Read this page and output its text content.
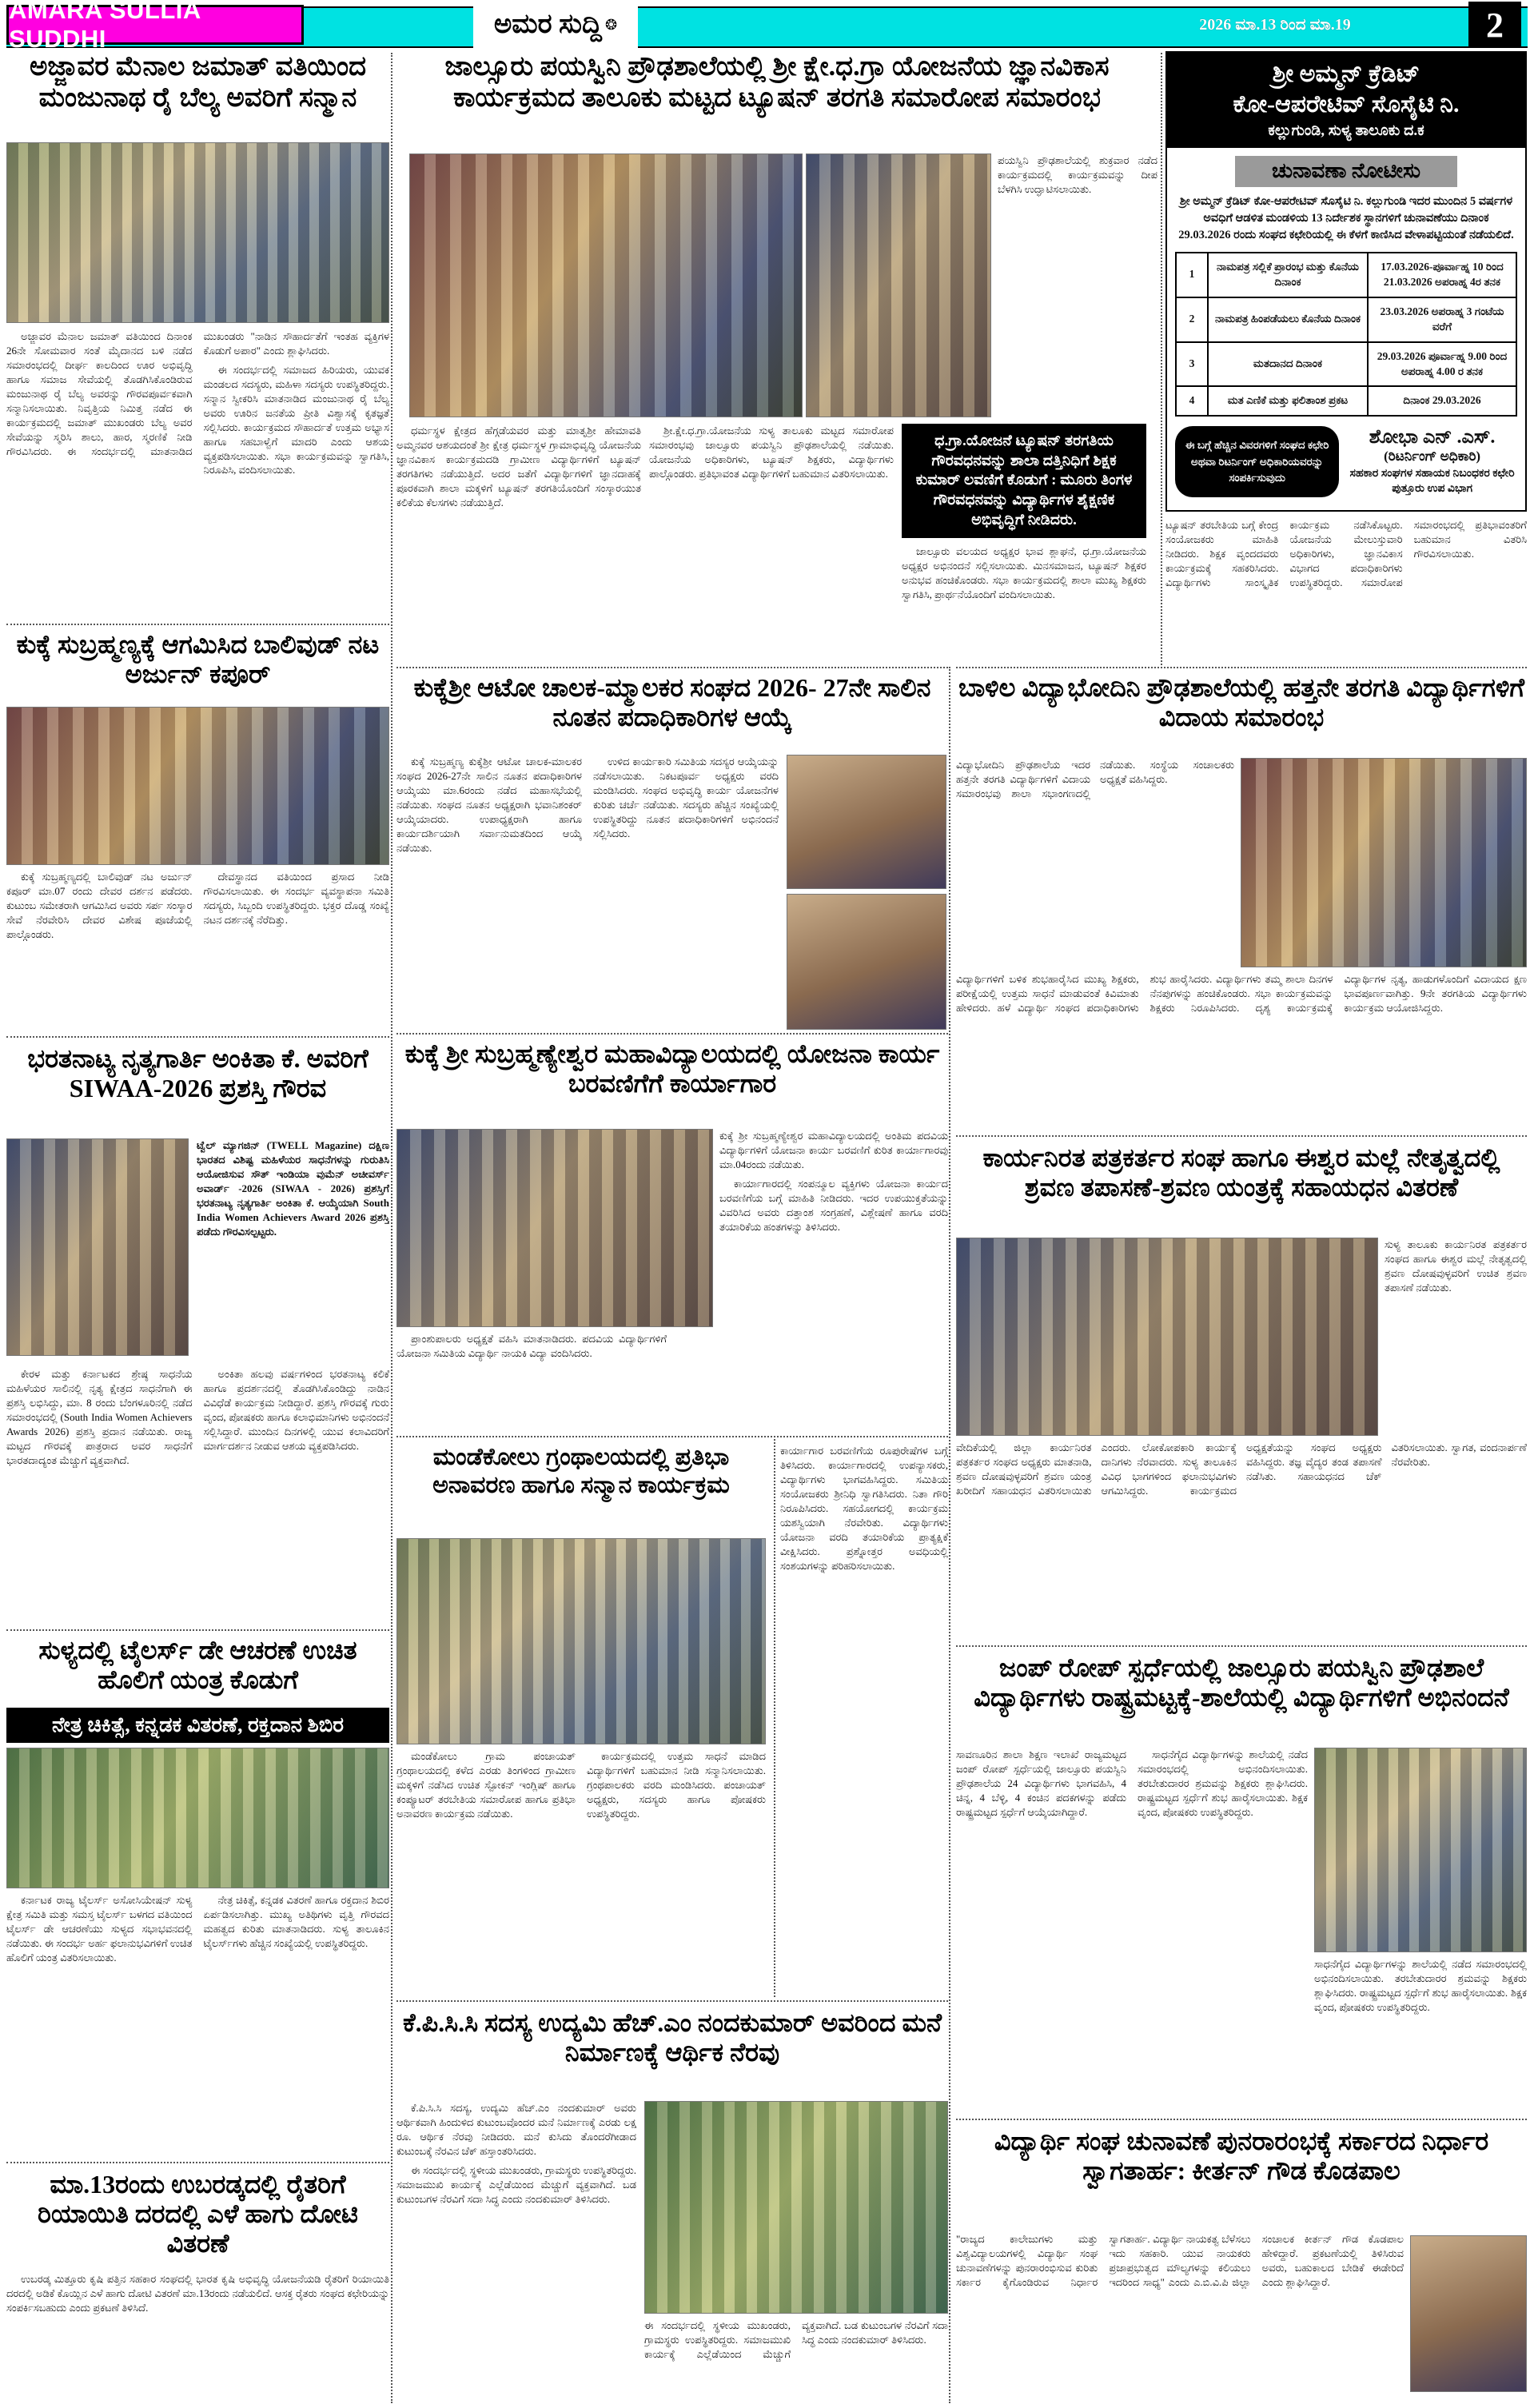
AMARA SULLIA SUDDHI	ಅಮರ ಸುದ್ದಿ ❂	2026 ಮಾ.13 ರಿಂದ ಮಾ.19	2
ಅಜ್ಜಾವರ ಮೆನಾಲ ಜಮಾತ್ ವತಿಯಿಂದ ಮಂಜುನಾಥ ರೈ ಬೆಲ್ಯ ಅವರಿಗೆ ಸನ್ಮಾನ

ಅಜ್ಜಾವರ ಮೆನಾಲ ಜಮಾತ್ ವತಿಯಿಂದ ದಿನಾಂಕ 26ನೇ ಸೋಮವಾರ ಸಂತೆ ಮೈದಾನದ ಬಳಿ ನಡೆದ ಸಮಾರಂಭದಲ್ಲಿ ದೀರ್ಘ ಕಾಲದಿಂದ ಊರ ಅಭಿವೃದ್ಧಿ ಹಾಗೂ ಸಮಾಜ ಸೇವೆಯಲ್ಲಿ ತೊಡಗಿಸಿಕೊಂಡಿರುವ ಮಂಜುನಾಥ ರೈ ಬೆಲ್ಯ ಅವರನ್ನು ಗೌರವಪೂರ್ವಕವಾಗಿ ಸನ್ಮಾನಿಸಲಾಯಿತು. ನಿವೃತ್ತಿಯ ನಿಮಿತ್ತ ನಡೆದ ಈ ಕಾರ್ಯಕ್ರಮದಲ್ಲಿ ಜಮಾತ್ ಮುಖಂಡರು ಬೆಲ್ಯ ಅವರ ಸೇವೆಯನ್ನು ಸ್ಮರಿಸಿ ಶಾಲು, ಹಾರ, ಸ್ಮರಣಿಕೆ ನೀಡಿ ಗೌರವಿಸಿದರು. ಈ ಸಂದರ್ಭದಲ್ಲಿ ಮಾತನಾಡಿದ ಮುಖಂಡರು "ನಾಡಿನ ಸೌಹಾರ್ದತೆಗೆ ಇಂತಹ ವ್ಯಕ್ತಿಗಳ ಕೊಡುಗೆ ಅಪಾರ" ಎಂದು ಶ್ಲಾಘಿಸಿದರು.

ಈ ಸಂದರ್ಭದಲ್ಲಿ ಸಮಾಜದ ಹಿರಿಯರು, ಯುವಕ ಮಂಡಲದ ಸದಸ್ಯರು, ಮಹಿಳಾ ಸದಸ್ಯರು ಉಪಸ್ಥಿತರಿದ್ದರು. ಸನ್ಮಾನ ಸ್ವೀಕರಿಸಿ ಮಾತನಾಡಿದ ಮಂಜುನಾಥ ರೈ ಬೆಲ್ಯ ಅವರು ಊರಿನ ಜನತೆಯ ಪ್ರೀತಿ ವಿಶ್ವಾಸಕ್ಕೆ ಕೃತಜ್ಞತೆ ಸಲ್ಲಿಸಿದರು. ಕಾರ್ಯಕ್ರಮದ ಸೌಹಾರ್ದತೆ ಉತ್ತಮ ಅಭ್ಯಾಸ ಹಾಗೂ ಸಹಬಾಳ್ವೆಗೆ ಮಾದರಿ ಎಂದು ಆಶಯ ವ್ಯಕ್ತಪಡಿಸಲಾಯಿತು. ಸಭಾ ಕಾರ್ಯಕ್ರಮವನ್ನು ಸ್ವಾಗತಿಸಿ, ನಿರೂಪಿಸಿ, ವಂದಿಸಲಾಯಿತು.

ಕುಕ್ಕೆ ಸುಬ್ರಹ್ಮಣ್ಯಕ್ಕೆ ಆಗಮಿಸಿದ ಬಾಲಿವುಡ್ ನಟ ಅರ್ಜುನ್ ಕಪೂರ್

ಕುಕ್ಕೆ ಸುಬ್ರಹ್ಮಣ್ಯದಲ್ಲಿ ಬಾಲಿವುಡ್ ನಟ ಅರ್ಜುನ್ ಕಪೂರ್ ಮಾ.07 ರಂದು ದೇವರ ದರ್ಶನ ಪಡೆದರು. ಕುಟುಂಬ ಸಮೇತರಾಗಿ ಆಗಮಿಸಿದ ಅವರು ಸರ್ಪ ಸಂಸ್ಕಾರ ಸೇವೆ ನೆರವೇರಿಸಿ ದೇವರ ವಿಶೇಷ ಪೂಜೆಯಲ್ಲಿ ಪಾಲ್ಗೊಂಡರು.

ದೇವಸ್ಥಾನದ ವತಿಯಿಂದ ಪ್ರಸಾದ ನೀಡಿ ಗೌರವಿಸಲಾಯಿತು. ಈ ಸಂದರ್ಭ ವ್ಯವಸ್ಥಾಪನಾ ಸಮಿತಿ ಸದಸ್ಯರು, ಸಿಬ್ಬಂದಿ ಉಪಸ್ಥಿತರಿದ್ದರು. ಭಕ್ತರ ದೊಡ್ಡ ಸಂಖ್ಯೆ ನಟನ ದರ್ಶನಕ್ಕೆ ನೆರೆದಿತ್ತು.

ಭರತನಾಟ್ಯ ನೃತ್ಯಗಾರ್ತಿ ಅಂಕಿತಾ ಕೆ. ಅವರಿಗೆ SIWAA-2026 ಪ್ರಶಸ್ತಿ ಗೌರವ

ಟ್ವೆಲ್ ಮ್ಯಾಗಜಿನ್ (TWELL Magazine) ದಕ್ಷಿಣ ಭಾರತದ ವಿಶಿಷ್ಟ ಮಹಿಳೆಯರ ಸಾಧನೆಗಳನ್ನು ಗುರುತಿಸಿ ಆಯೋಜಿಸುವ ಸೌತ್ ಇಂಡಿಯಾ ವುಮೆನ್ ಅಚೀವರ್ಸ್ ಅವಾರ್ಡ್ -2026 (SIWAA - 2026) ಪ್ರಶಸ್ತಿಗೆ ಭರತನಾಟ್ಯ ನೃತ್ಯಗಾರ್ತಿ ಅಂಕಿತಾ ಕೆ. ಆಯ್ಕೆಯಾಗಿ South India Women Achievers Award 2026 ಪ್ರಶಸ್ತಿ ಪಡೆದು ಗೌರವಿಸಲ್ಪಟ್ಟರು.

ಕೇರಳ ಮತ್ತು ಕರ್ನಾಟಕದ ಶ್ರೇಷ್ಠ ಸಾಧನೆಯ ಮಹಿಳೆಯರ ಸಾಲಿನಲ್ಲಿ ನೃತ್ಯ ಕ್ಷೇತ್ರದ ಸಾಧನೆಗಾಗಿ ಈ ಪ್ರಶಸ್ತಿ ಲಭಿಸಿದ್ದು, ಮಾ. 8 ರಂದು ಬೆಂಗಳೂರಿನಲ್ಲಿ ನಡೆದ ಸಮಾರಂಭದಲ್ಲಿ (South India Women Achievers Awards 2026) ಪ್ರಶಸ್ತಿ ಪ್ರದಾನ ನಡೆಯಿತು. ರಾಜ್ಯ ಮಟ್ಟದ ಗೌರವಕ್ಕೆ ಪಾತ್ರರಾದ ಅವರ ಸಾಧನೆಗೆ ಭಾರತದಾದ್ಯಂತ ಮೆಚ್ಚುಗೆ ವ್ಯಕ್ತವಾಗಿದೆ.

ಅಂಕಿತಾ ಹಲವು ವರ್ಷಗಳಿಂದ ಭರತನಾಟ್ಯ ಕಲಿಕೆ ಹಾಗೂ ಪ್ರದರ್ಶನದಲ್ಲಿ ತೊಡಗಿಸಿಕೊಂಡಿದ್ದು ನಾಡಿನ ವಿವಿಧೆಡೆ ಕಾರ್ಯಕ್ರಮ ನೀಡಿದ್ದಾರೆ. ಪ್ರಶಸ್ತಿ ಗೌರವಕ್ಕೆ ಗುರು ವೃಂದ, ಪೋಷಕರು ಹಾಗೂ ಕಲಾಭಿಮಾನಿಗಳು ಅಭಿನಂದನೆ ಸಲ್ಲಿಸಿದ್ದಾರೆ. ಮುಂದಿನ ದಿನಗಳಲ್ಲಿ ಯುವ ಕಲಾವಿದರಿಗೆ ಮಾರ್ಗದರ್ಶನ ನೀಡುವ ಆಶಯ ವ್ಯಕ್ತಪಡಿಸಿದರು.

ಸುಳ್ಯದಲ್ಲಿ ಟೈಲರ್ಸ್ ಡೇ ಆಚರಣೆ ಉಚಿತ ಹೊಲಿಗೆ ಯಂತ್ರ ಕೊಡುಗೆ
ನೇತ್ರ ಚಿಕಿತ್ಸೆ, ಕನ್ನಡಕ ವಿತರಣೆ, ರಕ್ತದಾನ ಶಿಬಿರ

ಕರ್ನಾಟಕ ರಾಜ್ಯ ಟೈಲರ್ಸ್ ಅಸೋಸಿಯೇಷನ್ ಸುಳ್ಯ ಕ್ಷೇತ್ರ ಸಮಿತಿ ಮತ್ತು ಸಮಸ್ತ ಟೈಲರ್ಸ್ ಬಳಗದ ವತಿಯಿಂದ ಟೈಲರ್ಸ್ ಡೇ ಆಚರಣೆಯು ಸುಳ್ಯದ ಸಭಾಭವನದಲ್ಲಿ ನಡೆಯಿತು. ಈ ಸಂದರ್ಭ ಅರ್ಹ ಫಲಾನುಭವಿಗಳಿಗೆ ಉಚಿತ ಹೊಲಿಗೆ ಯಂತ್ರ ವಿತರಿಸಲಾಯಿತು.

ನೇತ್ರ ಚಿಕಿತ್ಸೆ, ಕನ್ನಡಕ ವಿತರಣೆ ಹಾಗೂ ರಕ್ತದಾನ ಶಿಬಿರ ಏರ್ಪಡಿಸಲಾಗಿತ್ತು. ಮುಖ್ಯ ಅತಿಥಿಗಳು ವೃತ್ತಿ ಗೌರವದ ಮಹತ್ವದ ಕುರಿತು ಮಾತನಾಡಿದರು. ಸುಳ್ಯ ತಾಲೂಕಿನ ಟೈಲರ್ಸ್‌ಗಳು ಹೆಚ್ಚಿನ ಸಂಖ್ಯೆಯಲ್ಲಿ ಉಪಸ್ಥಿತರಿದ್ದರು.

ಮಾ.13ರಂದು ಉಬರಡ್ಕದಲ್ಲಿ ರೈತರಿಗೆ ರಿಯಾಯಿತಿ ದರದಲ್ಲಿ ಎಳೆ ಹಾಗು ದೋಟಿ ವಿತರಣೆ

ಉಬರಡ್ಕ ಮಿತ್ತೂರು ಕೃಷಿ ಪತ್ತಿನ ಸಹಕಾರ ಸಂಘದಲ್ಲಿ ಭಾರತ ಕೃಷಿ ಅಭಿವೃದ್ಧಿ ಯೋಜನೆಯಡಿ ರೈತರಿಗೆ ರಿಯಾಯಿತಿ ದರದಲ್ಲಿ ಅಡಿಕೆ ಕೊಯ್ಲಿನ ಎಳೆ ಹಾಗು ದೋಟಿ ವಿತರಣೆ ಮಾ.13ರಂದು ನಡೆಯಲಿದೆ. ಆಸಕ್ತ ರೈತರು ಸಂಘದ ಕಛೇರಿಯನ್ನು ಸಂಪರ್ಕಿಸಬಹುದು ಎಂದು ಪ್ರಕಟಣೆ ತಿಳಿಸಿದೆ.

ಜಾಲ್ಸೂರು ಪಯಸ್ವಿನಿ ಪ್ರೌಢಶಾಲೆಯಲ್ಲಿ ಶ್ರೀ ಕ್ಷೇ.ಧ.ಗ್ರಾ ಯೋಜನೆಯ ಜ್ಞಾನವಿಕಾಸ ಕಾರ್ಯಕ್ರಮದ ತಾಲೂಕು ಮಟ್ಟದ ಟ್ಯೂಷನ್ ತರಗತಿ ಸಮಾರೋಪ ಸಮಾರಂಭ

ಪಯಸ್ವಿನಿ ಪ್ರೌಢಶಾಲೆಯಲ್ಲಿ ಶುಕ್ರವಾರ ನಡೆದ ಕಾರ್ಯಕ್ರಮದಲ್ಲಿ ಕಾರ್ಯಕ್ರಮವನ್ನು ದೀಪ ಬೆಳಗಿಸಿ ಉದ್ಘಾಟಿಸಲಾಯಿತು.

ಧರ್ಮಸ್ಥಳ ಕ್ಷೇತ್ರದ ಹೆಗ್ಗಡೆಯವರ ಮತ್ತು ಮಾತೃಶ್ರೀ ಹೇಮಾವತಿ ಅಮ್ಮನವರ ಆಶಯದಂತೆ ಶ್ರೀ ಕ್ಷೇತ್ರ ಧರ್ಮಸ್ಥಳ ಗ್ರಾಮಾಭಿವೃದ್ಧಿ ಯೋಜನೆಯ ಜ್ಞಾನವಿಕಾಸ ಕಾರ್ಯಕ್ರಮದಡಿ ಗ್ರಾಮೀಣ ವಿದ್ಯಾರ್ಥಿಗಳಿಗೆ ಟ್ಯೂಷನ್ ತರಗತಿಗಳು ನಡೆಯುತ್ತಿದೆ. ಅದರ ಜತೆಗೆ ವಿದ್ಯಾರ್ಥಿಗಳಿಗೆ ಜ್ಞಾನದಾಹಕ್ಕೆ ಪೂರಕವಾಗಿ ಶಾಲಾ ಮಕ್ಕಳಿಗೆ ಟ್ಯೂಷನ್ ತರಗತಿಯೊಂದಿಗೆ ಸಂಸ್ಕಾರಯುತ ಕಲಿಕೆಯ ಕೆಲಸಗಳು ನಡೆಯುತ್ತಿದೆ.

ಶ್ರೀ.ಕ್ಷೇ.ಧ.ಗ್ರಾ.ಯೋಜನೆಯ ಸುಳ್ಯ ತಾಲೂಕು ಮಟ್ಟದ ಸಮಾರೋಪ ಸಮಾರಂಭವು ಜಾಲ್ಸೂರು ಪಯಸ್ವಿನಿ ಪ್ರೌಢಶಾಲೆಯಲ್ಲಿ ನಡೆಯಿತು. ಯೋಜನೆಯ ಅಧಿಕಾರಿಗಳು, ಟ್ಯೂಷನ್ ಶಿಕ್ಷಕರು, ವಿದ್ಯಾರ್ಥಿಗಳು ಪಾಲ್ಗೊಂಡರು. ಪ್ರತಿಭಾವಂತ ವಿದ್ಯಾರ್ಥಿಗಳಿಗೆ ಬಹುಮಾನ ವಿತರಿಸಲಾಯಿತು.

ಧ.ಗ್ರಾ.ಯೋಜನೆ ಟ್ಯೂಷನ್ ತರಗತಿಯ ಗೌರವಧನವನ್ನು ಶಾಲಾ ದತ್ತಿನಿಧಿಗೆ ಶಿಕ್ಷಕ ಕುಮಾರ್ ಲವಣಿಗೆ ಕೊಡುಗೆ : ಮೂರು ತಿಂಗಳ ಗೌರವಧನವನ್ನು ವಿದ್ಯಾರ್ಥಿಗಳ ಶೈಕ್ಷಣಿಕ ಅಭಿವೃದ್ಧಿಗೆ ನೀಡಿದರು.

ಜಾಲ್ಸೂರು ವಲಯದ ಅಧ್ಯಕ್ಷರ ಭಾವ ಶ್ಲಾಘನೆ, ಧ.ಗ್ರಾ.ಯೋಜನೆಯ ಅಧ್ಯಕ್ಷರ ಅಭಿನಂದನೆ ಸಲ್ಲಿಸಲಾಯಿತು. ಮಿನಸಮಾಜನ, ಟ್ಯೂಷನ್ ಶಿಕ್ಷಕರ ಅನುಭವ ಹಂಚಿಕೊಂಡರು. ಸಭಾ ಕಾರ್ಯಕ್ರಮದಲ್ಲಿ ಶಾಲಾ ಮುಖ್ಯ ಶಿಕ್ಷಕರು ಸ್ವಾಗತಿಸಿ, ಪ್ರಾರ್ಥನೆಯೊಂದಿಗೆ ವಂದಿಸಲಾಯಿತು.

ಕುಕ್ಕೆಶ್ರೀ ಆಟೋ ಚಾಲಕ-ಮ್ಮಾಲಕರ ಸಂಘದ 2026- 27ನೇ ಸಾಲಿನ ನೂತನ ಪದಾಧಿಕಾರಿಗಳ ಆಯ್ಕೆ

ಕುಕ್ಕೆ ಸುಬ್ರಹ್ಮಣ್ಯ ಕುಕ್ಕೆಶ್ರೀ ಆಟೋ ಚಾಲಕ-ಮಾಲಕರ ಸಂಘದ 2026-27ನೇ ಸಾಲಿನ ನೂತನ ಪದಾಧಿಕಾರಿಗಳ ಆಯ್ಕೆಯು ಮಾ.6ರಂದು ನಡೆದ ಮಹಾಸಭೆಯಲ್ಲಿ ನಡೆಯಿತು. ಸಂಘದ ನೂತನ ಅಧ್ಯಕ್ಷರಾಗಿ ಭವಾನಿಶಂಕರ್ ಆಯ್ಕೆಯಾದರು. ಉಪಾಧ್ಯಕ್ಷರಾಗಿ ಹಾಗೂ ಕಾರ್ಯದರ್ಶಿಯಾಗಿ ಸರ್ವಾನುಮತದಿಂದ ಆಯ್ಕೆ ನಡೆಯಿತು.

ಉಳಿದ ಕಾರ್ಯಕಾರಿ ಸಮಿತಿಯ ಸದಸ್ಯರ ಆಯ್ಕೆಯನ್ನು ನಡೆಸಲಾಯಿತು. ನಿಕಟಪೂರ್ವ ಅಧ್ಯಕ್ಷರು ವರದಿ ಮಂಡಿಸಿದರು. ಸಂಘದ ಅಭಿವೃದ್ಧಿ ಕಾರ್ಯ ಯೋಜನೆಗಳ ಕುರಿತು ಚರ್ಚೆ ನಡೆಯಿತು. ಸದಸ್ಯರು ಹೆಚ್ಚಿನ ಸಂಖ್ಯೆಯಲ್ಲಿ ಉಪಸ್ಥಿತರಿದ್ದು ನೂತನ ಪದಾಧಿಕಾರಿಗಳಿಗೆ ಅಭಿನಂದನೆ ಸಲ್ಲಿಸಿದರು.

ಕುಕ್ಕೆ ಶ್ರೀ ಸುಬ್ರಹ್ಮಣ್ಯೇಶ್ವರ ಮಹಾವಿದ್ಯಾಲಯದಲ್ಲಿ ಯೋಜನಾ ಕಾರ್ಯ ಬರವಣಿಗೆಗೆ ಕಾರ್ಯಾಗಾರ

ಕುಕ್ಕೆ ಶ್ರೀ ಸುಬ್ರಹ್ಮಣ್ಯೇಶ್ವರ ಮಹಾವಿದ್ಯಾಲಯದಲ್ಲಿ ಅಂತಿಮ ಪದವಿಯ ವಿದ್ಯಾರ್ಥಿಗಳಿಗೆ ಯೋಜನಾ ಕಾರ್ಯ ಬರವಣಿಗೆ ಕುರಿತ ಕಾರ್ಯಾಗಾರವು ಮಾ.04ರಂದು ನಡೆಯಿತು.

ಕಾರ್ಯಾಗಾರದಲ್ಲಿ ಸಂಪನ್ಮೂಲ ವ್ಯಕ್ತಿಗಳು ಯೋಜನಾ ಕಾರ್ಯದ ಬರವಣಿಗೆಯ ಬಗ್ಗೆ ಮಾಹಿತಿ ನೀಡಿದರು. ಇದರ ಉಪಯುಕ್ತತೆಯನ್ನು ವಿವರಿಸಿದ ಅವರು ದತ್ತಾಂಶ ಸಂಗ್ರಹಣೆ, ವಿಶ್ಲೇಷಣೆ ಹಾಗೂ ವರದಿ ತಯಾರಿಕೆಯ ಹಂತಗಳನ್ನು ತಿಳಿಸಿದರು.

ಪ್ರಾಂಶುಪಾಲರು ಅಧ್ಯಕ್ಷತೆ ವಹಿಸಿ ಮಾತನಾಡಿದರು. ಪದವಿಯ ವಿದ್ಯಾರ್ಥಿಗಳಿಗೆ ಯೋಜನಾ ಸಮಿತಿಯ ವಿದ್ಯಾರ್ಥಿ ನಾಯಕಿ ವಿದ್ಯಾ ವಂದಿಸಿದರು.

ಮಂಡೆಕೋಲು ಗ್ರಂಥಾಲಯದಲ್ಲಿ ಪ್ರತಿಭಾ ಅನಾವರಣ ಹಾಗೂ ಸನ್ಮಾನ ಕಾರ್ಯಕ್ರಮ

ಮಂಡೆಕೋಲು ಗ್ರಾಮ ಪಂಚಾಯತ್ ಗ್ರಂಥಾಲಯದಲ್ಲಿ ಕಳೆದ ಎರಡು ತಿಂಗಳಿಂದ ಗ್ರಾಮೀಣ ಮಕ್ಕಳಿಗೆ ನಡೆಸಿದ ಉಚಿತ ಸ್ಪೋಕನ್ ಇಂಗ್ಲಿಷ್ ಹಾಗೂ ಕಂಪ್ಯೂಟರ್ ತರಬೇತಿಯ ಸಮಾರೋಪ ಹಾಗೂ ಪ್ರತಿಭಾ ಅನಾವರಣ ಕಾರ್ಯಕ್ರಮ ನಡೆಯಿತು.

ಕಾರ್ಯಕ್ರಮದಲ್ಲಿ ಉತ್ತಮ ಸಾಧನೆ ಮಾಡಿದ ವಿದ್ಯಾರ್ಥಿಗಳಿಗೆ ಬಹುಮಾನ ನೀಡಿ ಸನ್ಮಾನಿಸಲಾಯಿತು. ಗ್ರಂಥಪಾಲಕರು ವರದಿ ಮಂಡಿಸಿದರು. ಪಂಚಾಯತ್ ಅಧ್ಯಕ್ಷರು, ಸದಸ್ಯರು ಹಾಗೂ ಪೋಷಕರು ಉಪಸ್ಥಿತರಿದ್ದರು.

ಕಾರ್ಯಾಗಾರ ಬರವಣಿಗೆಯ ರೂಪುರೇಷೆಗಳ ಬಗ್ಗೆ ತಿಳಿಸಿದರು. ಕಾರ್ಯಾಗಾರದಲ್ಲಿ ಉಪನ್ಯಾಸಕರು, ವಿದ್ಯಾರ್ಥಿಗಳು ಭಾಗವಹಿಸಿದ್ದರು. ಸಮಿತಿಯ ಸಂಯೋಜಕರು ಶ್ರೀನಿಧಿ ಸ್ವಾಗತಿಸಿದರು. ನಿತಾ ಗೌರಿ ನಿರೂಪಿಸಿದರು. ಸಹಯೋಗದಲ್ಲಿ ಕಾರ್ಯಕ್ರಮ ಯಶಸ್ವಿಯಾಗಿ ನೆರವೇರಿತು. ವಿದ್ಯಾರ್ಥಿಗಳು ಯೋಜನಾ ವರದಿ ತಯಾರಿಕೆಯ ಪ್ರಾತ್ಯಕ್ಷಿಕೆ ವೀಕ್ಷಿಸಿದರು. ಪ್ರಶ್ನೋತ್ತರ ಅವಧಿಯಲ್ಲಿ ಸಂಶಯಗಳನ್ನು ಪರಿಹರಿಸಲಾಯಿತು.

ಕೆ.ಪಿ.ಸಿ.ಸಿ ಸದಸ್ಯ ಉದ್ಯಮಿ ಹೆಚ್.ಎಂ ನಂದಕುಮಾರ್ ಅವರಿಂದ ಮನೆ ನಿರ್ಮಾಣಕ್ಕೆ ಆರ್ಥಿಕ ನೆರವು

ಕೆ.ಪಿ.ಸಿ.ಸಿ ಸದಸ್ಯ, ಉದ್ಯಮಿ ಹೆಚ್.ಎಂ ನಂದಕುಮಾರ್ ಅವರು ಆರ್ಥಿಕವಾಗಿ ಹಿಂದುಳಿದ ಕುಟುಂಬವೊಂದರ ಮನೆ ನಿರ್ಮಾಣಕ್ಕೆ ಎರಡು ಲಕ್ಷ ರೂ. ಆರ್ಥಿಕ ನೆರವು ನೀಡಿದರು. ಮನೆ ಕುಸಿದು ತೊಂದರೆಗೀಡಾದ ಕುಟುಂಬಕ್ಕೆ ನೆರವಿನ ಚೆಕ್ ಹಸ್ತಾಂತರಿಸಿದರು.

ಈ ಸಂದರ್ಭದಲ್ಲಿ ಸ್ಥಳೀಯ ಮುಖಂಡರು, ಗ್ರಾಮಸ್ಥರು ಉಪಸ್ಥಿತರಿದ್ದರು. ಸಮಾಜಮುಖಿ ಕಾರ್ಯಕ್ಕೆ ಎಲ್ಲೆಡೆಯಿಂದ ಮೆಚ್ಚುಗೆ ವ್ಯಕ್ತವಾಗಿದೆ. ಬಡ ಕುಟುಂಬಗಳ ನೆರವಿಗೆ ಸದಾ ಸಿದ್ಧ ಎಂದು ನಂದಕುಮಾರ್ ತಿಳಿಸಿದರು.

ಈ ಸಂದರ್ಭದಲ್ಲಿ ಸ್ಥಳೀಯ ಮುಖಂಡರು, ಗ್ರಾಮಸ್ಥರು ಉಪಸ್ಥಿತರಿದ್ದರು. ಸಮಾಜಮುಖಿ ಕಾರ್ಯಕ್ಕೆ ಎಲ್ಲೆಡೆಯಿಂದ ಮೆಚ್ಚುಗೆ ವ್ಯಕ್ತವಾಗಿದೆ. ಬಡ ಕುಟುಂಬಗಳ ನೆರವಿಗೆ ಸದಾ ಸಿದ್ಧ ಎಂದು ನಂದಕುಮಾರ್ ತಿಳಿಸಿದರು.

ಶ್ರೀ ಅಮ್ಮನ್ ಕ್ರೆಡಿಟ್
ಕೋ-ಆಪರೇಟಿವ್ ಸೊಸೈಟಿ ನಿ.
ಕಲ್ಲುಗುಂಡಿ, ಸುಳ್ಯ ತಾಲೂಕು ದ.ಕ
ಚುನಾವಣಾ ನೋಟೀಸು
ಶ್ರೀ ಅಮ್ಮನ್ ಕ್ರೆಡಿಟ್ ಕೋ-ಆಪರೇಟಿವ್ ಸೊಸೈಟಿ ನಿ. ಕಲ್ಲುಗುಂಡಿ ಇದರ ಮುಂದಿನ 5 ವರ್ಷಗಳ ಅವಧಿಗೆ ಆಡಳಿತ ಮಂಡಳಿಯ 13 ನಿರ್ದೇಶಕ ಸ್ಥಾನಗಳಿಗೆ ಚುನಾವಣೆಯು ದಿನಾಂಕ 29.03.2026 ರಂದು ಸಂಘದ ಕಛೇರಿಯಲ್ಲಿ ಈ ಕೆಳಗೆ ಕಾಣಿಸಿದ ವೇಳಾಪಟ್ಟಿಯಂತೆ ನಡೆಯಲಿದೆ.
1	ನಾಮಪತ್ರ ಸಲ್ಲಿಕೆ ಪ್ರಾರಂಭ ಮತ್ತು ಕೊನೆಯ ದಿನಾಂಕ	17.03.2026-ಪೂರ್ವಾಹ್ನ 10 ರಿಂದ 21.03.2026 ಅಪರಾಹ್ನ 4ರ ತನಕ
2	ನಾಮಪತ್ರ ಹಿಂಪಡೆಯಲು ಕೊನೆಯ ದಿನಾಂಕ	23.03.2026 ಅಪರಾಹ್ನ 3 ಗಂಟೆಯ ವರೆಗೆ
3	ಮತದಾನದ ದಿನಾಂಕ	29.03.2026 ಪೂರ್ವಾಹ್ನ 9.00 ರಿಂದ ಅಪರಾಹ್ನ 4.00 ರ ತನಕ
4	ಮತ ಎಣಿಕೆ ಮತ್ತು ಫಲಿತಾಂಶ ಪ್ರಕಟ	ದಿನಾಂಕ 29.03.2026
ಈ ಬಗ್ಗೆ ಹೆಚ್ಚಿನ ವಿವರಗಳಿಗೆ ಸಂಘದ ಕಛೇರಿ ಅಥವಾ ರಿಟರ್ನಿಂಗ್ ಅಧಿಕಾರಿಯವರನ್ನು ಸಂಪರ್ಕಿಸುವುದು
ಶೋಭಾ ಎನ್ .ಎಸ್.
(ರಿಟರ್ನಿಂಗ್ ಅಧಿಕಾರಿ)
ಸಹಕಾರ ಸಂಘಗಳ ಸಹಾಯಕ ನಿಬಂಧಕರ ಕಛೇರಿ ಪುತ್ತೂರು ಉಪ ವಿಭಾಗ

ಟ್ಯೂಷನ್ ತರಬೇತಿಯ ಬಗ್ಗೆ ಕೇಂದ್ರ ಸಂಯೋಜಕರು ಮಾಹಿತಿ ನೀಡಿದರು. ಶಿಕ್ಷಕ ವೃಂದದವರು ಕಾರ್ಯಕ್ರಮಕ್ಕೆ ಸಹಕರಿಸಿದರು. ವಿದ್ಯಾರ್ಥಿಗಳು ಸಾಂಸ್ಕೃತಿಕ ಕಾರ್ಯಕ್ರಮ ನಡೆಸಿಕೊಟ್ಟರು. ಯೋಜನೆಯ ಮೇಲುಸ್ತುವಾರಿ ಅಧಿಕಾರಿಗಳು, ಜ್ಞಾನವಿಕಾಸ ವಿಭಾಗದ ಪದಾಧಿಕಾರಿಗಳು ಉಪಸ್ಥಿತರಿದ್ದರು. ಸಮಾರೋಪ ಸಮಾರಂಭದಲ್ಲಿ ಪ್ರತಿಭಾವಂತರಿಗೆ ಬಹುಮಾನ ವಿತರಿಸಿ ಗೌರವಿಸಲಾಯಿತು.

ಬಾಳಿಲ ವಿದ್ಯಾಭೋದಿನಿ ಪ್ರೌಢಶಾಲೆಯಲ್ಲಿ ಹತ್ತನೇ ತರಗತಿ ವಿದ್ಯಾರ್ಥಿಗಳಿಗೆ ವಿದಾಯ ಸಮಾರಂಭ

ವಿದ್ಯಾಭೋದಿನಿ ಪ್ರೌಢಶಾಲೆಯ ಇದರ ಹತ್ತನೇ ತರಗತಿ ವಿದ್ಯಾರ್ಥಿಗಳಿಗೆ ವಿದಾಯ ಸಮಾರಂಭವು ಶಾಲಾ ಸಭಾಂಗಣದಲ್ಲಿ ನಡೆಯಿತು. ಸಂಸ್ಥೆಯ ಸಂಚಾಲಕರು ಅಧ್ಯಕ್ಷತೆ ವಹಿಸಿದ್ದರು.

ವಿದ್ಯಾರ್ಥಿಗಳಿಗೆ ಬಳಿಕ ಶುಭಹಾರೈಸಿದ ಮುಖ್ಯ ಶಿಕ್ಷಕರು, ಪರೀಕ್ಷೆಯಲ್ಲಿ ಉತ್ತಮ ಸಾಧನೆ ಮಾಡುವಂತೆ ಕಿವಿಮಾತು ಹೇಳಿದರು. ಹಳೆ ವಿದ್ಯಾರ್ಥಿ ಸಂಘದ ಪದಾಧಿಕಾರಿಗಳು ಶುಭ ಹಾರೈಸಿದರು. ವಿದ್ಯಾರ್ಥಿಗಳು ತಮ್ಮ ಶಾಲಾ ದಿನಗಳ ನೆನಪುಗಳನ್ನು ಹಂಚಿಕೊಂಡರು. ಸಭಾ ಕಾರ್ಯಕ್ರಮವನ್ನು ಶಿಕ್ಷಕರು ನಿರೂಪಿಸಿದರು. ದೃಶ್ಯ ಕಾರ್ಯಕ್ರಮಕ್ಕೆ ವಿದ್ಯಾರ್ಥಿಗಳ ನೃತ್ಯ, ಹಾಡುಗಳೊಂದಿಗೆ ವಿದಾಯದ ಕ್ಷಣ ಭಾವಪೂರ್ಣವಾಗಿತ್ತು. 9ನೇ ತರಗತಿಯ ವಿದ್ಯಾರ್ಥಿಗಳು ಕಾರ್ಯಕ್ರಮ ಆಯೋಜಿಸಿದ್ದರು.

ಕಾರ್ಯನಿರತ ಪತ್ರಕರ್ತರ ಸಂಘ ಹಾಗೂ ಈಶ್ವರ ಮಲ್ಲೆ ನೇತೃತ್ವದಲ್ಲಿ ಶ್ರವಣ ತಪಾಸಣೆ-ಶ್ರವಣ ಯಂತ್ರಕ್ಕೆ ಸಹಾಯಧನ ವಿತರಣೆ

ಸುಳ್ಯ ತಾಲೂಕು ಕಾರ್ಯನಿರತ ಪತ್ರಕರ್ತರ ಸಂಘದ ಹಾಗೂ ಈಶ್ವರ ಮಲ್ಲೆ ನೇತೃತ್ವದಲ್ಲಿ ಶ್ರವಣ ದೋಷವುಳ್ಳವರಿಗೆ ಉಚಿತ ಶ್ರವಣ ತಪಾಸಣೆ ನಡೆಯಿತು.

ವೇದಿಕೆಯಲ್ಲಿ ಜಿಲ್ಲಾ ಕಾರ್ಯನಿರತ ಪತ್ರಕರ್ತರ ಸಂಘದ ಅಧ್ಯಕ್ಷರು ಮಾತನಾಡಿ, ಶ್ರವಣ ದೋಷವುಳ್ಳವರಿಗೆ ಶ್ರವಣ ಯಂತ್ರ ಖರೀದಿಗೆ ಸಹಾಯಧನ ವಿತರಿಸಲಾಯಿತು ಎಂದರು. ಲೋಕೋಪಕಾರಿ ಕಾರ್ಯಕ್ಕೆ ದಾನಿಗಳು ನೆರವಾದರು. ಸುಳ್ಯ ತಾಲೂಕಿನ ವಿವಿಧ ಭಾಗಗಳಿಂದ ಫಲಾನುಭವಿಗಳು ಆಗಮಿಸಿದ್ದರು. ಕಾರ್ಯಕ್ರಮದ ಅಧ್ಯಕ್ಷತೆಯನ್ನು ಸಂಘದ ಅಧ್ಯಕ್ಷರು ವಹಿಸಿದ್ದರು. ತಜ್ಞ ವೈದ್ಯರ ತಂಡ ತಪಾಸಣೆ ನಡೆಸಿತು. ಸಹಾಯಧನದ ಚೆಕ್ ವಿತರಿಸಲಾಯಿತು. ಸ್ವಾಗತ, ವಂದನಾರ್ಪಣೆ ನೆರವೇರಿತು.

ಜಂಪ್ ರೋಪ್ ಸ್ಪರ್ಧೆಯಲ್ಲಿ ಜಾಲ್ಸೂರು ಪಯಸ್ವಿನಿ ಪ್ರೌಢಶಾಲೆ ವಿದ್ಯಾರ್ಥಿಗಳು ರಾಷ್ಟ್ರಮಟ್ಟಕ್ಕೆ-ಶಾಲೆಯಲ್ಲಿ ವಿದ್ಯಾರ್ಥಿಗಳಿಗೆ ಅಭಿನಂದನೆ

ಸಾವಣೂರಿನ ಶಾಲಾ ಶಿಕ್ಷಣ ಇಲಾಖೆ ರಾಜ್ಯಮಟ್ಟದ ಜಂಪ್ ರೋಪ್ ಸ್ಪರ್ಧೆಯಲ್ಲಿ ಜಾಲ್ಸೂರು ಪಯಸ್ವಿನಿ ಪ್ರೌಢಶಾಲೆಯ 24 ವಿದ್ಯಾರ್ಥಿಗಳು ಭಾಗವಹಿಸಿ, 4 ಚಿನ್ನ, 4 ಬೆಳ್ಳಿ, 4 ಕಂಚಿನ ಪದಕಗಳನ್ನು ಪಡೆದು ರಾಷ್ಟ್ರಮಟ್ಟದ ಸ್ಪರ್ಧೆಗೆ ಆಯ್ಕೆಯಾಗಿದ್ದಾರೆ.

ಸಾಧನೆಗೈದ ವಿದ್ಯಾರ್ಥಿಗಳನ್ನು ಶಾಲೆಯಲ್ಲಿ ನಡೆದ ಸಮಾರಂಭದಲ್ಲಿ ಅಭಿನಂದಿಸಲಾಯಿತು. ತರಬೇತುದಾರರ ಶ್ರಮವನ್ನು ಶಿಕ್ಷಕರು ಶ್ಲಾಘಿಸಿದರು. ರಾಷ್ಟ್ರಮಟ್ಟದ ಸ್ಪರ್ಧೆಗೆ ಶುಭ ಹಾರೈಸಲಾಯಿತು. ಶಿಕ್ಷಕ ವೃಂದ, ಪೋಷಕರು ಉಪಸ್ಥಿತರಿದ್ದರು.

ಸಾಧನೆಗೈದ ವಿದ್ಯಾರ್ಥಿಗಳನ್ನು ಶಾಲೆಯಲ್ಲಿ ನಡೆದ ಸಮಾರಂಭದಲ್ಲಿ ಅಭಿನಂದಿಸಲಾಯಿತು. ತರಬೇತುದಾರರ ಶ್ರಮವನ್ನು ಶಿಕ್ಷಕರು ಶ್ಲಾಘಿಸಿದರು. ರಾಷ್ಟ್ರಮಟ್ಟದ ಸ್ಪರ್ಧೆಗೆ ಶುಭ ಹಾರೈಸಲಾಯಿತು. ಶಿಕ್ಷಕ ವೃಂದ, ಪೋಷಕರು ಉಪಸ್ಥಿತರಿದ್ದರು.

ವಿದ್ಯಾರ್ಥಿ ಸಂಘ ಚುನಾವಣೆ ಪುನರಾರಂಭಕ್ಕೆ ಸರ್ಕಾರದ ನಿರ್ಧಾರ ಸ್ವಾಗತಾರ್ಹ: ಕೀರ್ತನ್ ಗೌಡ ಕೊಡಪಾಲ

"ರಾಜ್ಯದ ಕಾಲೇಜುಗಳು ಮತ್ತು ವಿಶ್ವವಿದ್ಯಾಲಯಗಳಲ್ಲಿ ವಿದ್ಯಾರ್ಥಿ ಸಂಘ ಚುನಾವಣೆಗಳನ್ನು ಪುನರಾರಂಭಿಸುವ ಕುರಿತು ಸರ್ಕಾರ ಕೈಗೊಂಡಿರುವ ನಿರ್ಧಾರ ಸ್ವಾಗತಾರ್ಹ. ವಿದ್ಯಾರ್ಥಿ ನಾಯಕತ್ವ ಬೆಳೆಸಲು ಇದು ಸಹಕಾರಿ. ಯುವ ನಾಯಕರು ಪ್ರಜಾಪ್ರಭುತ್ವದ ಮೌಲ್ಯಗಳನ್ನು ಕಲಿಯಲು ಇದರಿಂದ ಸಾಧ್ಯ" ಎಂದು ಎ.ಬಿ.ವಿ.ಪಿ ಜಿಲ್ಲಾ ಸಂಚಾಲಕ ಕೀರ್ತನ್ ಗೌಡ ಕೊಡಪಾಲ ಹೇಳಿದ್ದಾರೆ. ಪ್ರಕಟಣೆಯಲ್ಲಿ ತಿಳಿಸಿರುವ ಅವರು, ಬಹುಕಾಲದ ಬೇಡಿಕೆ ಈಡೇರಿದೆ ಎಂದು ಶ್ಲಾಘಿಸಿದ್ದಾರೆ.
